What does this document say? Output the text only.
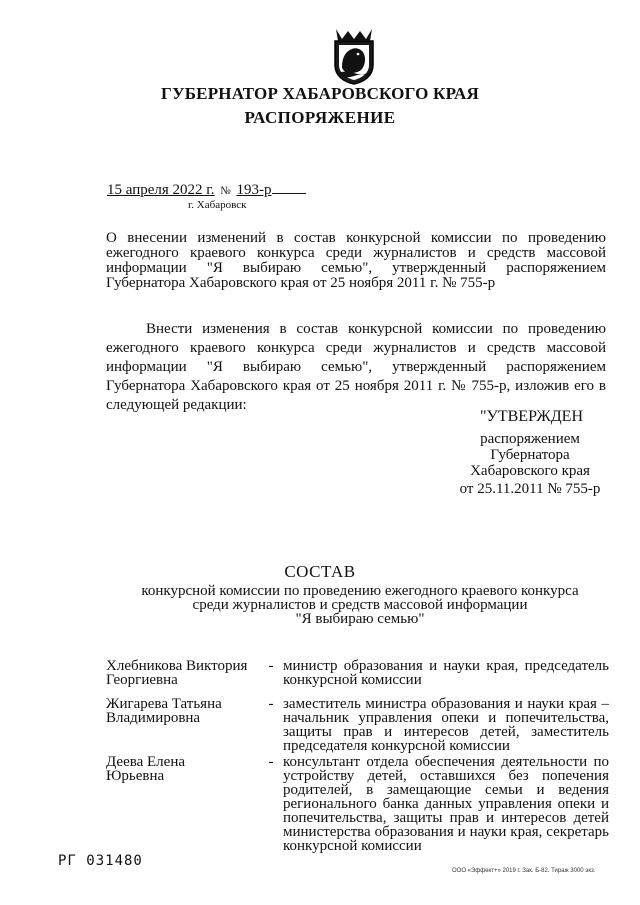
ГУБЕРНАТОР ХАБАРОВСКОГО КРАЯ
РАСПОРЯЖЕНИЕ
15 апреля 2022 г. № 193-р
г. Хабаровск
О внесении изменений в состав конкурсной комиссии по проведению ежегодного краевого конкурса среди журналистов и средств массовой информации "Я выбираю семью", утвержденный распоряжением Губернатора Хабаровского края от 25 ноября 2011 г. № 755-р
Внести изменения в состав конкурсной комиссии по проведению ежегодного краевого конкурса среди журналистов и средств массовой информации "Я выбираю семью", утвержденный распоряжением Губернатора Хабаровского края от 25 ноября 2011 г. № 755-р, изложив его в следующей редакции:
"УТВЕРЖДЕН
распоряжением
Губернатора
Хабаровского края
от 25.11.2011 № 755-р
СОСТАВ
конкурсной комиссии по проведению ежегодного краевого конкурса
среди журналистов и средств массовой информации
"Я выбираю семью"
Хлебникова Виктория
Георгиевна
- министр образования и науки края, председатель конкурсной комиссии
Жигарева Татьяна
Владимировна
- заместитель министра образования и науки края – начальник управления опеки и попечительства, защиты прав и интересов детей, заместитель председателя конкурсной комиссии
Деева Елена
Юрьевна
- консультант отдела обеспечения деятельности по устройству детей, оставшихся без попечения родителей, в замещающие семьи и ведения регионального банка данных управления опеки и попечительства, защиты прав и интересов детей министерства образования и науки края, секретарь конкурсной комиссии
РГ 031480
ООО «Эффект+» 2019 г. Зак. Б-82. Тираж 3000 экз.
